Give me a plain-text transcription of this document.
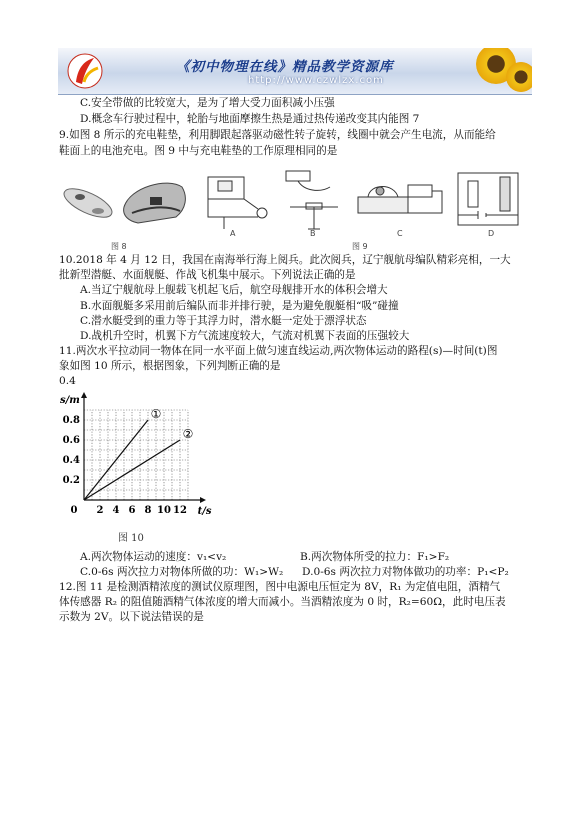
《初中物理在线》精品教学资源库
http://www.czwlzx.com
C.安全带做的比较宽大，是为了增大受力面积减小压强
D.概念车行驶过程中，轮胎与地面摩擦生热是通过热传递改变其内能图 7
9.如图 8 所示的充电鞋垫，利用脚跟起落驱动磁性转子旋转，线圈中就会产生电流，从而能给
鞋面上的电池充电。图 9 中与充电鞋垫的工作原理相同的是
图 8	图 9
A	B	C	D
10.2018 年 4 月 12 日，我国在南海举行海上阅兵。此次阅兵，辽宁舰航母编队精彩亮相，一大
批新型潜艇、水面舰艇、作战飞机集中展示。下列说法正确的是
A.当辽宁舰航母上舰载飞机起飞后，航空母舰排开水的体积会增大
B.水面舰艇多采用前后编队而非并排行驶，是为避免舰艇相“吸”碰撞
C.潜水艇受到的重力等于其浮力时，潜水艇一定处于漂浮状态
D.战机升空时，机翼下方气流速度较大，气流对机翼下表面的压强较大
11.两次水平拉动同一物体在同一水平面上做匀速直线运动,两次物体运动的路程(s)—时间(t)图
象如图 10 所示，根据图象，下列判断正确的是
0.4
2 4 6 8 10 12
0.2
0.4
0.6
0.8
0	t/s
s/m
①
②
图 10
A.两次物体运动的速度：v₁<v₂	B.两次物体所受的拉力：F₁>F₂
C.0-6s 两次拉力对物体所做的功：W₁>W₂ D.0-6s 两次拉力对物体做功的功率：P₁<P₂
12.图 11 是检测酒精浓度的测试仪原理图，图中电源电压恒定为 8V，R₁ 为定值电阻，酒精气
体传感器 R₂ 的阻值随酒精气体浓度的增大而减小。当酒精浓度为 0 时，R₂=60Ω，此时电压表
示数为 2V。以下说法错误的是
